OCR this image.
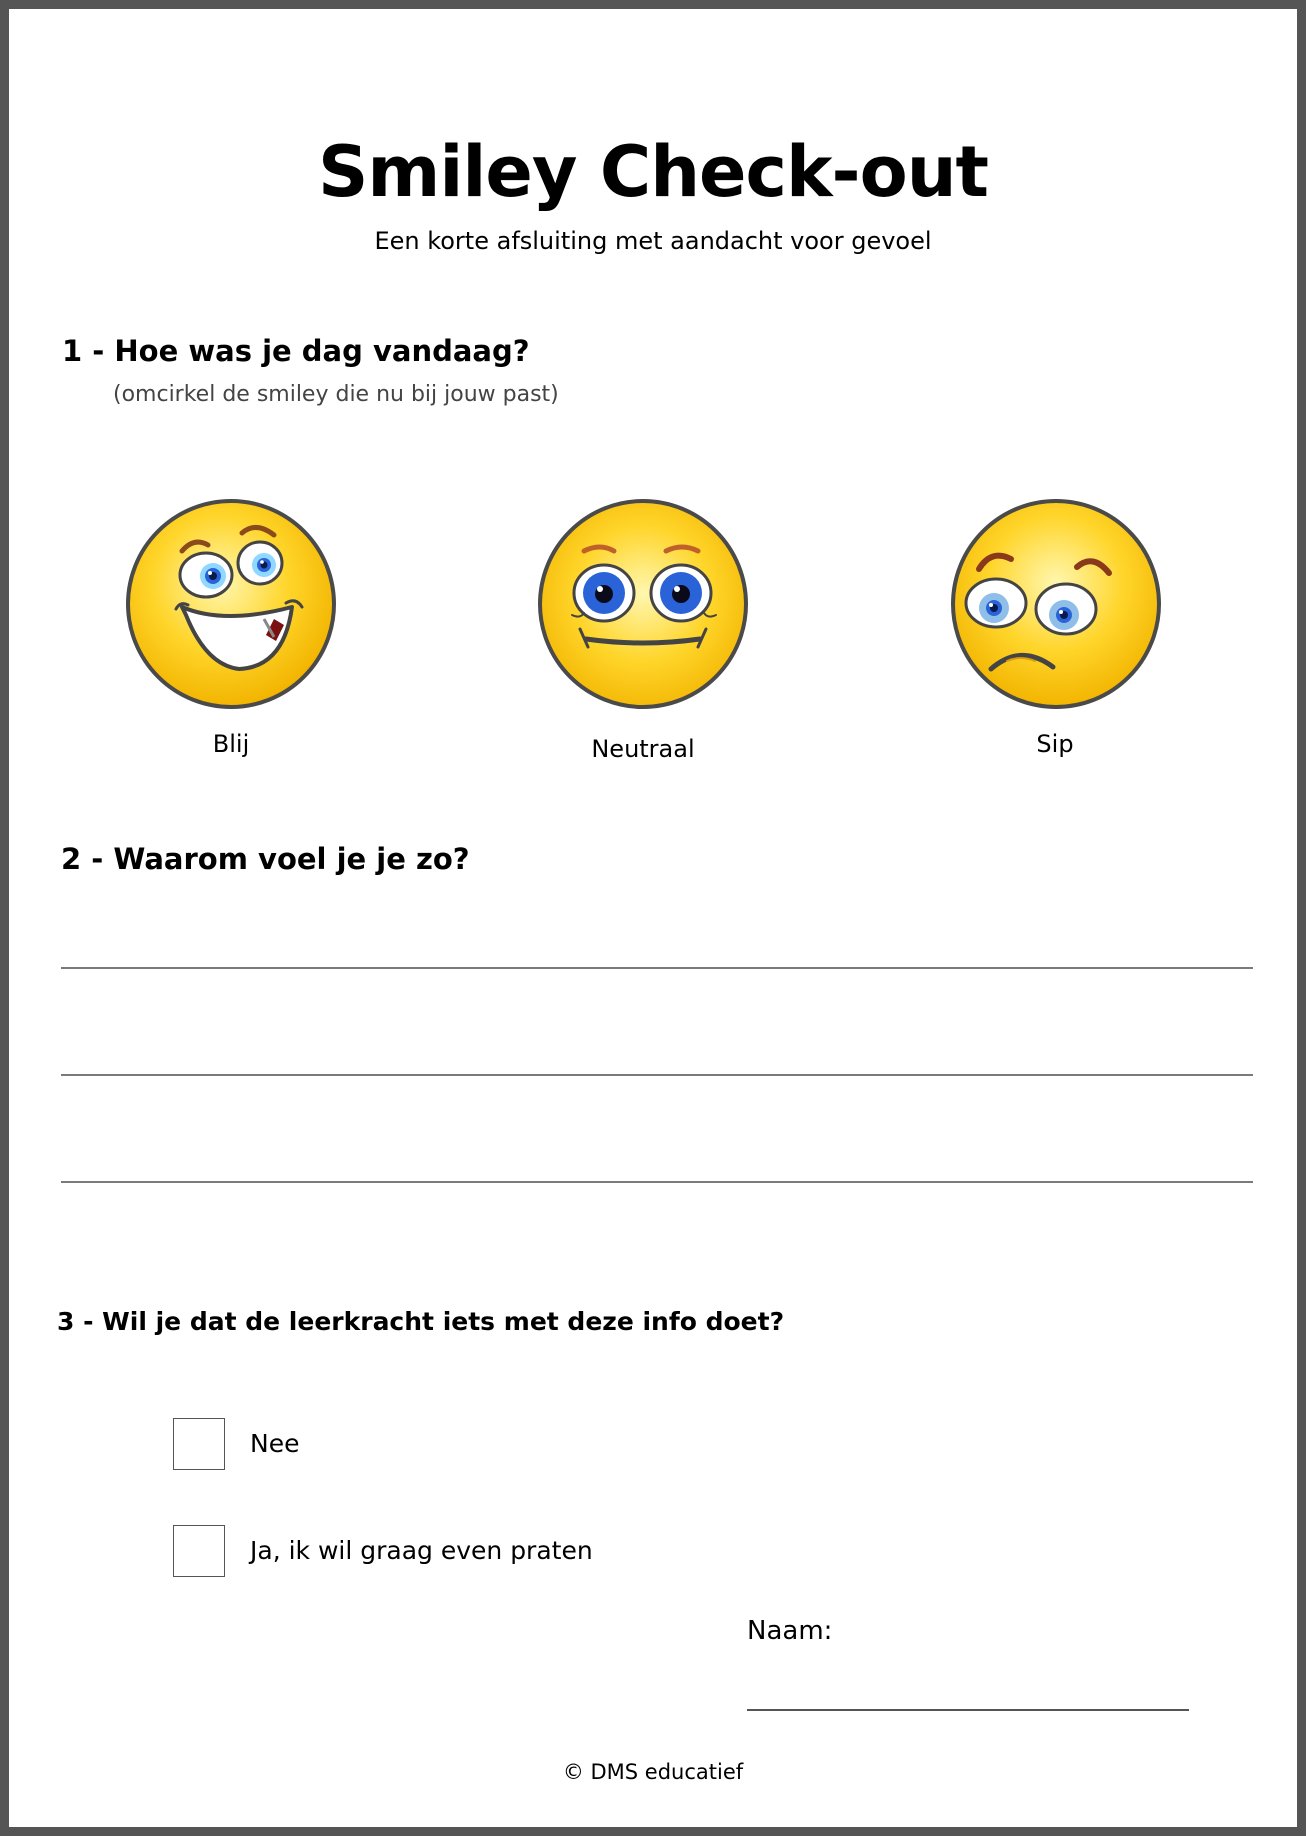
Smiley Check-out
Een korte afsluiting met aandacht voor gevoel
1 - Hoe was je dag vandaag?
(omcirkel de smiley die nu bij jouw past)
Blij	Neutraal	Sip
2 - Waarom voel je je zo?
3 - Wil je dat de leerkracht iets met deze info doet?
Nee
Ja, ik wil graag even praten
Naam:
© DMS educatief
